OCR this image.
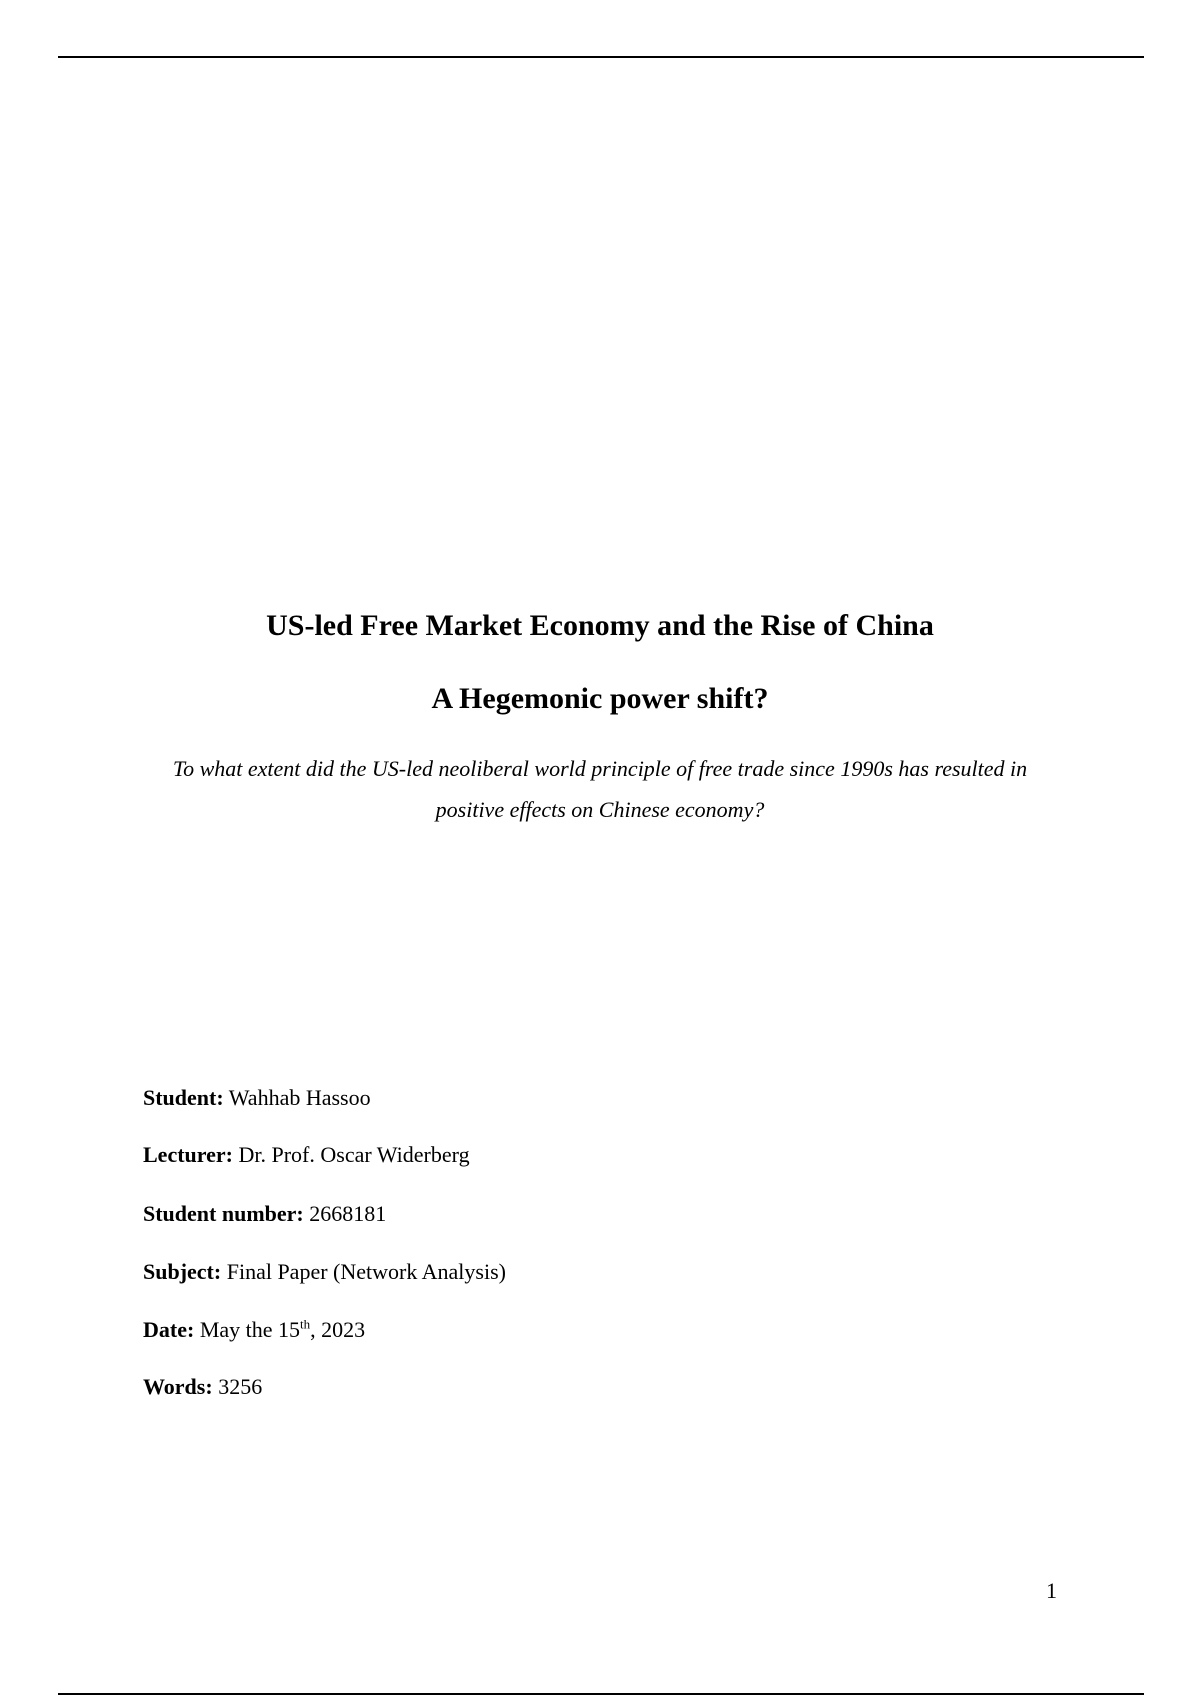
US-led Free Market Economy and the Rise of China
A Hegemonic power shift?

To what extent did the US-led neoliberal world principle of free trade since 1990s has resulted in positive effects on Chinese economy?

Student: Wahhab Hassoo
Lecturer: Dr. Prof. Oscar Widerberg
Student number: 2668181
Subject: Final Paper (Network Analysis)
Date: May the 15th, 2023
Words: 3256
1
